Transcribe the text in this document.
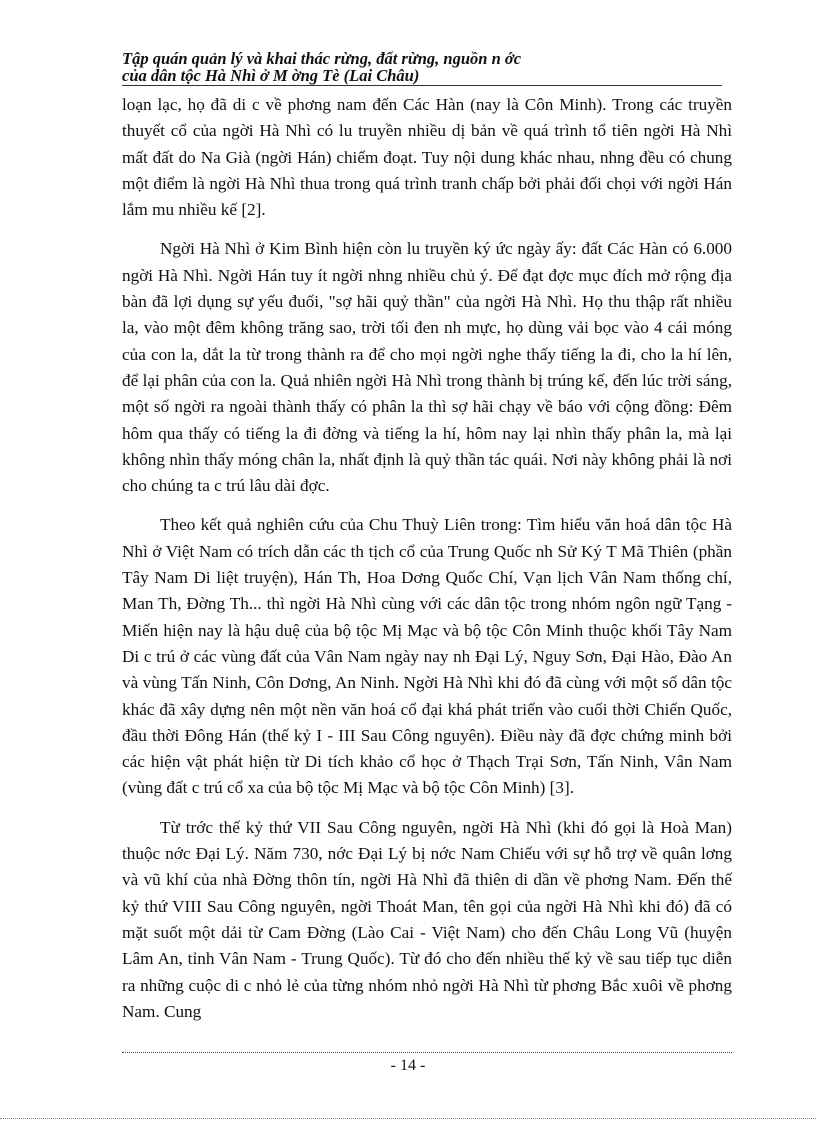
Tập quán quản lý và khai thác rừng, đất rừng, nguồn n ớc
của dân tộc Hà Nhì ở M ờng Tè (Lai Châu)

loạn lạc, họ đã di c về phơng nam đến Các Hàn (nay là Côn Minh). Trong các truyền thuyết cổ của ngời Hà Nhì có lu truyền nhiều dị bản về quá trình tổ tiên ngời Hà Nhì mất đất do Na Già (ngời Hán) chiếm đoạt. Tuy nội dung khác nhau, nhng đều có chung một điểm là ngời Hà Nhì thua trong quá trình tranh chấp bởi phải đối chọi với ngời Hán lắm mu nhiều kế [2].

Ngời Hà Nhì ở Kim Bình hiện còn lu truyền ký ức ngày ấy: đất Các Hàn có 6.000 ngời Hà Nhì. Ngời Hán tuy ít ngời nhng nhiều chủ ý. Để đạt đợc mục đích mở rộng địa bàn đã lợi dụng sự yếu đuối, "sợ hãi quỷ thần" của ngời Hà Nhì. Họ thu thập rất nhiều la, vào một đêm không trăng sao, trời tối đen nh mực, họ dùng vải bọc vào 4 cái móng của con la, dắt la từ trong thành ra để cho mọi ngời nghe thấy tiếng la đi, cho la hí lên, để lại phân của con la. Quả nhiên ngời Hà Nhì trong thành bị trúng kế, đến lúc trời sáng, một số ngời ra ngoài thành thấy có phân la thì sợ hãi chạy về báo với cộng đồng: Đêm hôm qua thấy có tiếng la đi đờng và tiếng la hí, hôm nay lại nhìn thấy phân la, mà lại không nhìn thấy móng chân la, nhất định là quỷ thần tác quái. Nơi này không phải là nơi cho chúng ta c trú lâu dài đợc.

Theo kết quả nghiên cứu của Chu Thuỳ Liên trong: Tìm hiểu văn hoá dân tộc Hà Nhì ở Việt Nam có trích dẫn các th tịch cổ của Trung Quốc nh Sử Ký T Mã Thiên (phần Tây Nam Di liệt truyện), Hán Th, Hoa Dơng Quốc Chí, Vạn lịch Vân Nam thống chí, Man Th, Đờng Th... thì ngời Hà Nhì cùng với các dân tộc trong nhóm ngôn ngữ Tạng - Miến hiện nay là hậu duệ của bộ tộc Mị Mạc và bộ tộc Côn Minh thuộc khối Tây Nam Di c trú ở các vùng đất của Vân Nam ngày nay nh Đại Lý, Nguy Sơn, Đại Hào, Đào An và vùng Tấn Ninh, Côn Dơng, An Ninh. Ngời Hà Nhì khi đó đã cùng với một số dân tộc khác đã xây dựng nên một nền văn hoá cổ đại khá phát triển vào cuối thời Chiến Quốc, đầu thời Đông Hán (thế kỷ I - III Sau Công nguyên). Điều này đã đợc chứng minh bởi các hiện vật phát hiện từ Di tích khảo cổ học ở Thạch Trại Sơn, Tấn Ninh, Vân Nam (vùng đất c trú cổ xa của bộ tộc Mị Mạc và bộ tộc Côn Minh) [3].

Từ trớc thế kỷ thứ VII Sau Công nguyên, ngời Hà Nhì (khi đó gọi là Hoà Man) thuộc nớc Đại Lý. Năm 730, nớc Đại Lý bị nớc Nam Chiếu với sự hỗ trợ về quân lơng và vũ khí của nhà Đờng thôn tín, ngời Hà Nhì đã thiên di dần về phơng Nam. Đến thế kỷ thứ VIII Sau Công nguyên, ngời Thoát Man, tên gọi của ngời Hà Nhì khi đó) đã có mặt suốt một dải từ Cam Đờng (Lào Cai - Việt Nam) cho đến Châu Long Vũ (huyện Lâm An, tỉnh Vân Nam - Trung Quốc). Từ đó cho đến nhiều thế kỷ về sau tiếp tục diễn ra những cuộc di c nhỏ lẻ của từng nhóm nhỏ ngời Hà Nhì từ phơng Bắc xuôi về phơng Nam. Cung

- 14 -
